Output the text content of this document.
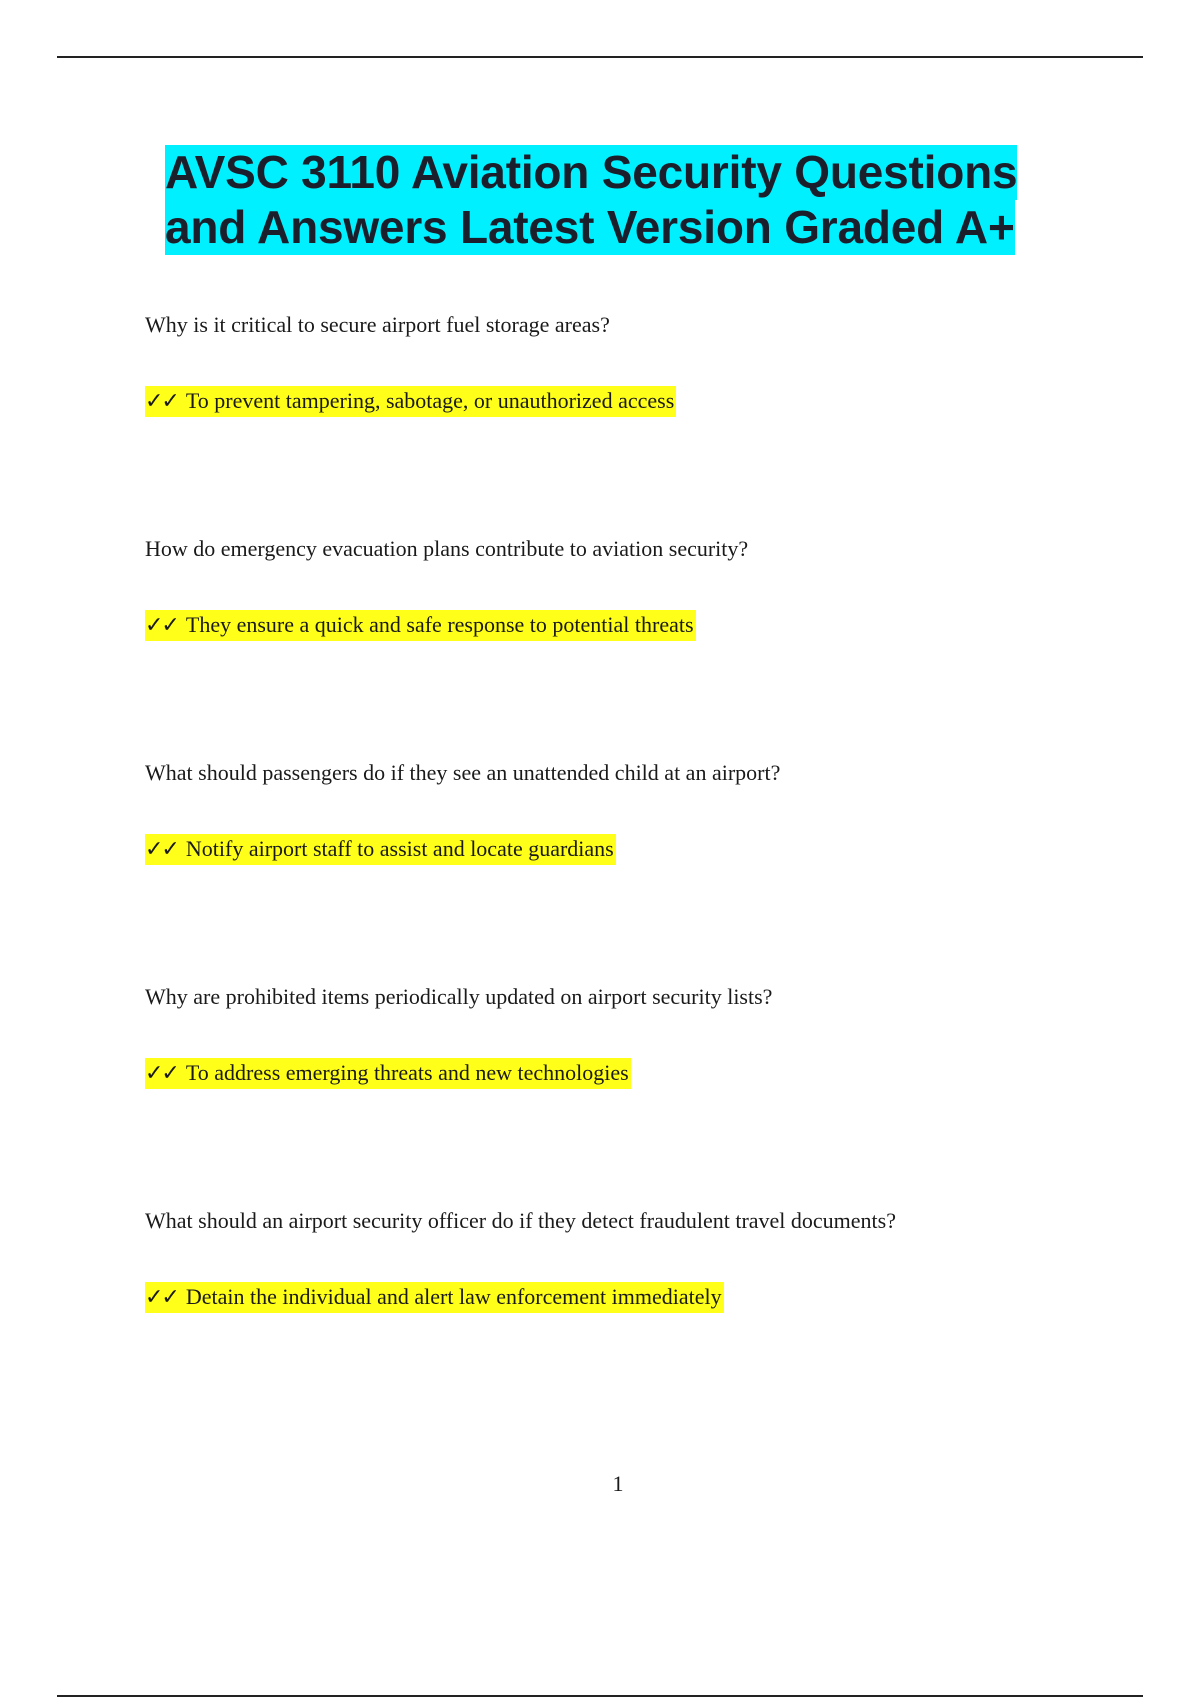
AVSC 3110 Aviation Security Questions
and Answers Latest Version Graded A+
Why is it critical to secure airport fuel storage areas?
✓✓ To prevent tampering, sabotage, or unauthorized access
How do emergency evacuation plans contribute to aviation security?
✓✓ They ensure a quick and safe response to potential threats
What should passengers do if they see an unattended child at an airport?
✓✓ Notify airport staff to assist and locate guardians
Why are prohibited items periodically updated on airport security lists?
✓✓ To address emerging threats and new technologies
What should an airport security officer do if they detect fraudulent travel documents?
✓✓ Detain the individual and alert law enforcement immediately
1
